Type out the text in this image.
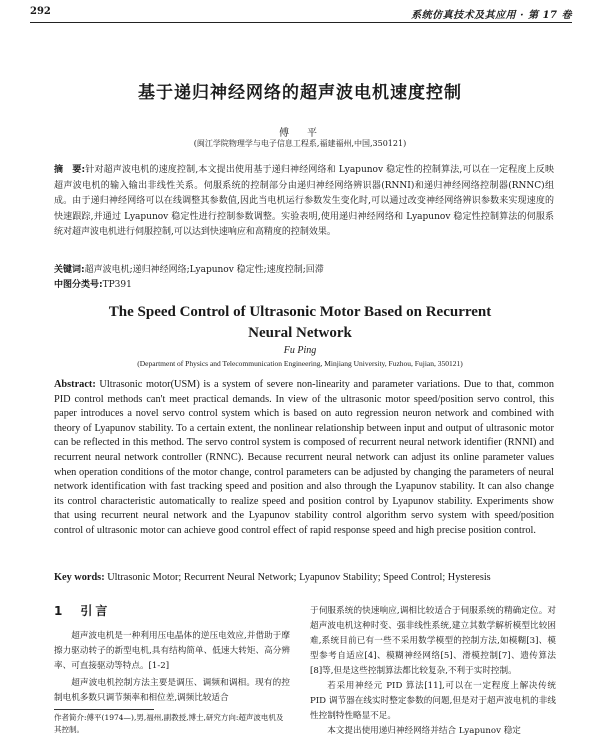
292	系统仿真技术及其应用 · 第 17 卷
基于递归神经网络的超声波电机速度控制
傅　平
(闽江学院物理学与电子信息工程系,福建福州,中国,350121)
摘　要:针对超声波电机的速度控制,本文提出使用基于递归神经网络和 Lyapunov 稳定性的控制算法,可以在一定程度上反映超声波电机的输入输出非线性关系。伺服系统的控制部分由递归神经网络辨识器(RNNI)和递归神经网络控制器(RNNC)组成。由于递归神经网络可以在线调整其参数值,因此当电机运行参数发生变化时,可以通过改变神经网络辨识参数来实现速度的快速跟踪,并通过 Lyapunov 稳定性进行控制参数调整。实验表明,使用递归神经网络和 Lyapunov 稳定性控制算法的伺服系统对超声波电机进行伺服控制,可以达到快速响应和高精度的控制效果。
关键词:超声波电机;递归神经网络;Lyapunov 稳定性;速度控制;回滞
中图分类号:TP391
The Speed Control of Ultrasonic Motor Based on Recurrent
Neural Network
Fu Ping
(Department of Physics and Telecommunication Engineering, Minjiang University, Fuzhou, Fujian, 350121)
Abstract: Ultrasonic motor(USM) is a system of severe non-linearity and parameter variations. Due to that, common PID control methods can't meet practical demands. In view of the ultrasonic motor speed/position servo control, this paper introduces a novel servo control system which is based on auto regression neuron network and combined with theory of Lyapunov stability. To a certain extent, the nonlinear relationship between input and output of ultrasonic motor can be reflected in this method. The servo control system is composed of recurrent neural network identifier (RNNI) and recurrent neural network controller (RNNC). Because recurrent neural network can adjust its online parameter values when operation conditions of the motor change, control parameters can be adjusted by changing the parameters of neural network identification with fast tracking speed and position and also through the Lyapunov stability. It can also change its control characteristic automatically to realize speed and position control by Lyapunov stability. Experiments show that using recurrent neural network and the Lyapunov stability control algorithm servo system with speed/position control of ultrasonic motor can achieve good control effect of rapid response speed and high precise position control.
Key words: Ultrasonic Motor; Recurrent Neural Network; Lyapunov Stability; Speed Control; Hysteresis
1　引言

超声波电机是一种利用压电晶体的逆压电效应,并借助于摩擦力驱动转子的新型电机,具有结构简单、低速大转矩、高分辨率、可直接驱动等特点。[1-2]

超声波电机控制方法主要是调压、调频和调相。现有的控制电机多数只调节频率和相位差,调频比较适合

于伺服系统的快速响应,调相比较适合于伺服系统的精确定位。对超声波电机这种时变、强非线性系统,建立其数学解析模型比较困难,系统目前已有一些不采用数学模型的控制方法,如模糊[3]、模型参考自适应[4]、模糊神经网络[5]、滑模控制[7]、遗传算法[8]等,但是这些控制算法都比较复杂,不利于实时控制。

若采用神经元 PID 算法[11],可以在一定程度上解决传统 PID 调节器在线实时整定参数的问题,但是对于超声波电机的非线性控制特性略显不足。

本文提出使用递归神经网络并结合 Lyapunov 稳定

作者简介:傅平(1974—),男,福州,副教授,博士,研究方向:超声波电机及其控制。
